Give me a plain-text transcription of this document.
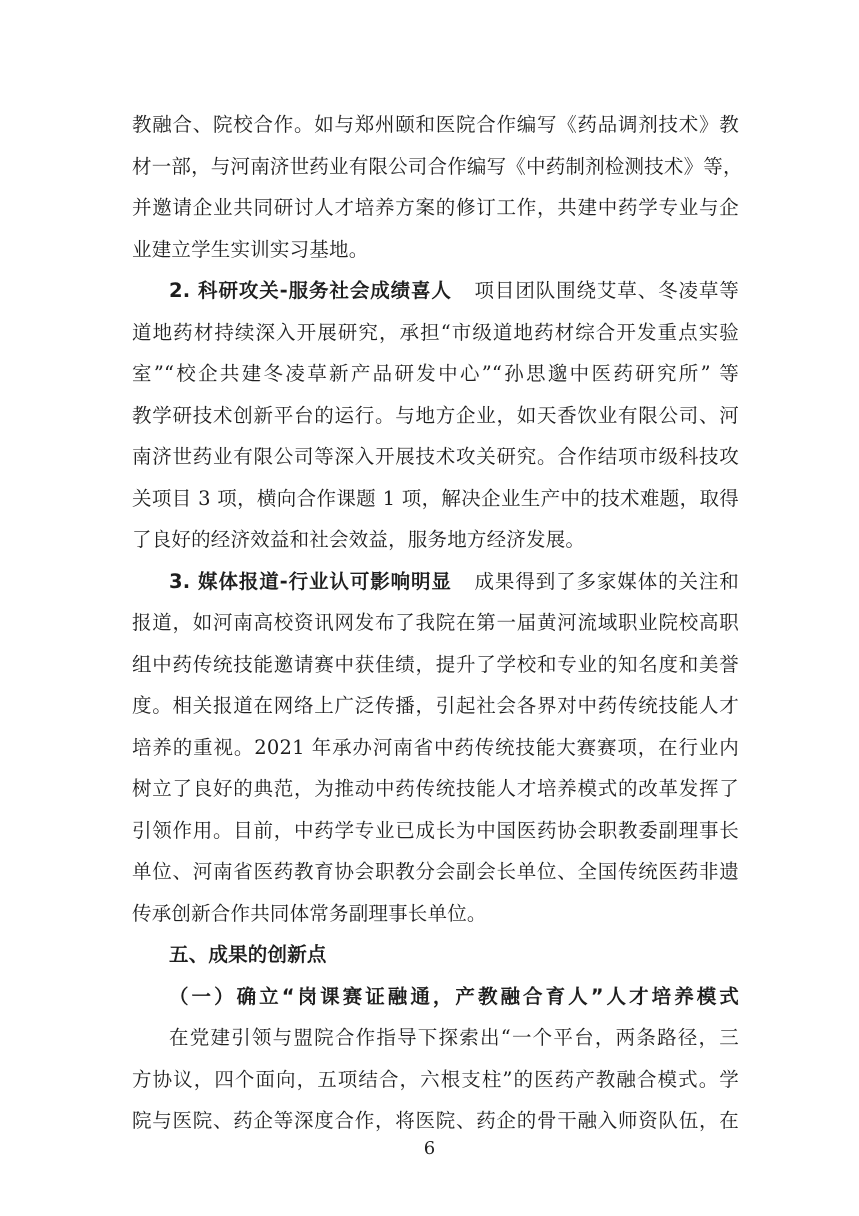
教融合、院校合作。如与郑州颐和医院合作编写《药品调剂技术》教
材一部，与河南济世药业有限公司合作编写《中药制剂检测技术》等，
并邀请企业共同研讨人才培养方案的修订工作，共建中药学专业与企
业建立学生实训实习基地。
2. 科研攻关-服务社会成绩喜人 项目团队围绕艾草、冬凌草等
道地药材持续深入开展研究，承担“市级道地药材综合开发重点实验
室”“校企共建冬凌草新产品研发中心”“孙思邈中医药研究所” 等
教学研技术创新平台的运行。与地方企业，如天香饮业有限公司、河
南济世药业有限公司等深入开展技术攻关研究。合作结项市级科技攻
关项目 3 项，横向合作课题 1 项，解决企业生产中的技术难题，取得
了良好的经济效益和社会效益，服务地方经济发展。
3. 媒体报道-行业认可影响明显 成果得到了多家媒体的关注和
报道，如河南高校资讯网发布了我院在第一届黄河流域职业院校高职
组中药传统技能邀请赛中获佳绩，提升了学校和专业的知名度和美誉
度。相关报道在网络上广泛传播，引起社会各界对中药传统技能人才
培养的重视。2021 年承办河南省中药传统技能大赛赛项，在行业内
树立了良好的典范，为推动中药传统技能人才培养模式的改革发挥了
引领作用。目前，中药学专业已成长为中国医药协会职教委副理事长
单位、河南省医药教育协会职教分会副会长单位、全国传统医药非遗
传承创新合作共同体常务副理事长单位。
五、成果的创新点
（一）确立“岗课赛证融通，产教融合育人”人才培养模式
在党建引领与盟院合作指导下探索出“一个平台，两条路径，三
方协议，四个面向，五项结合，六根支柱”的医药产教融合模式。学
院与医院、药企等深度合作，将医院、药企的骨干融入师资队伍，在
6
